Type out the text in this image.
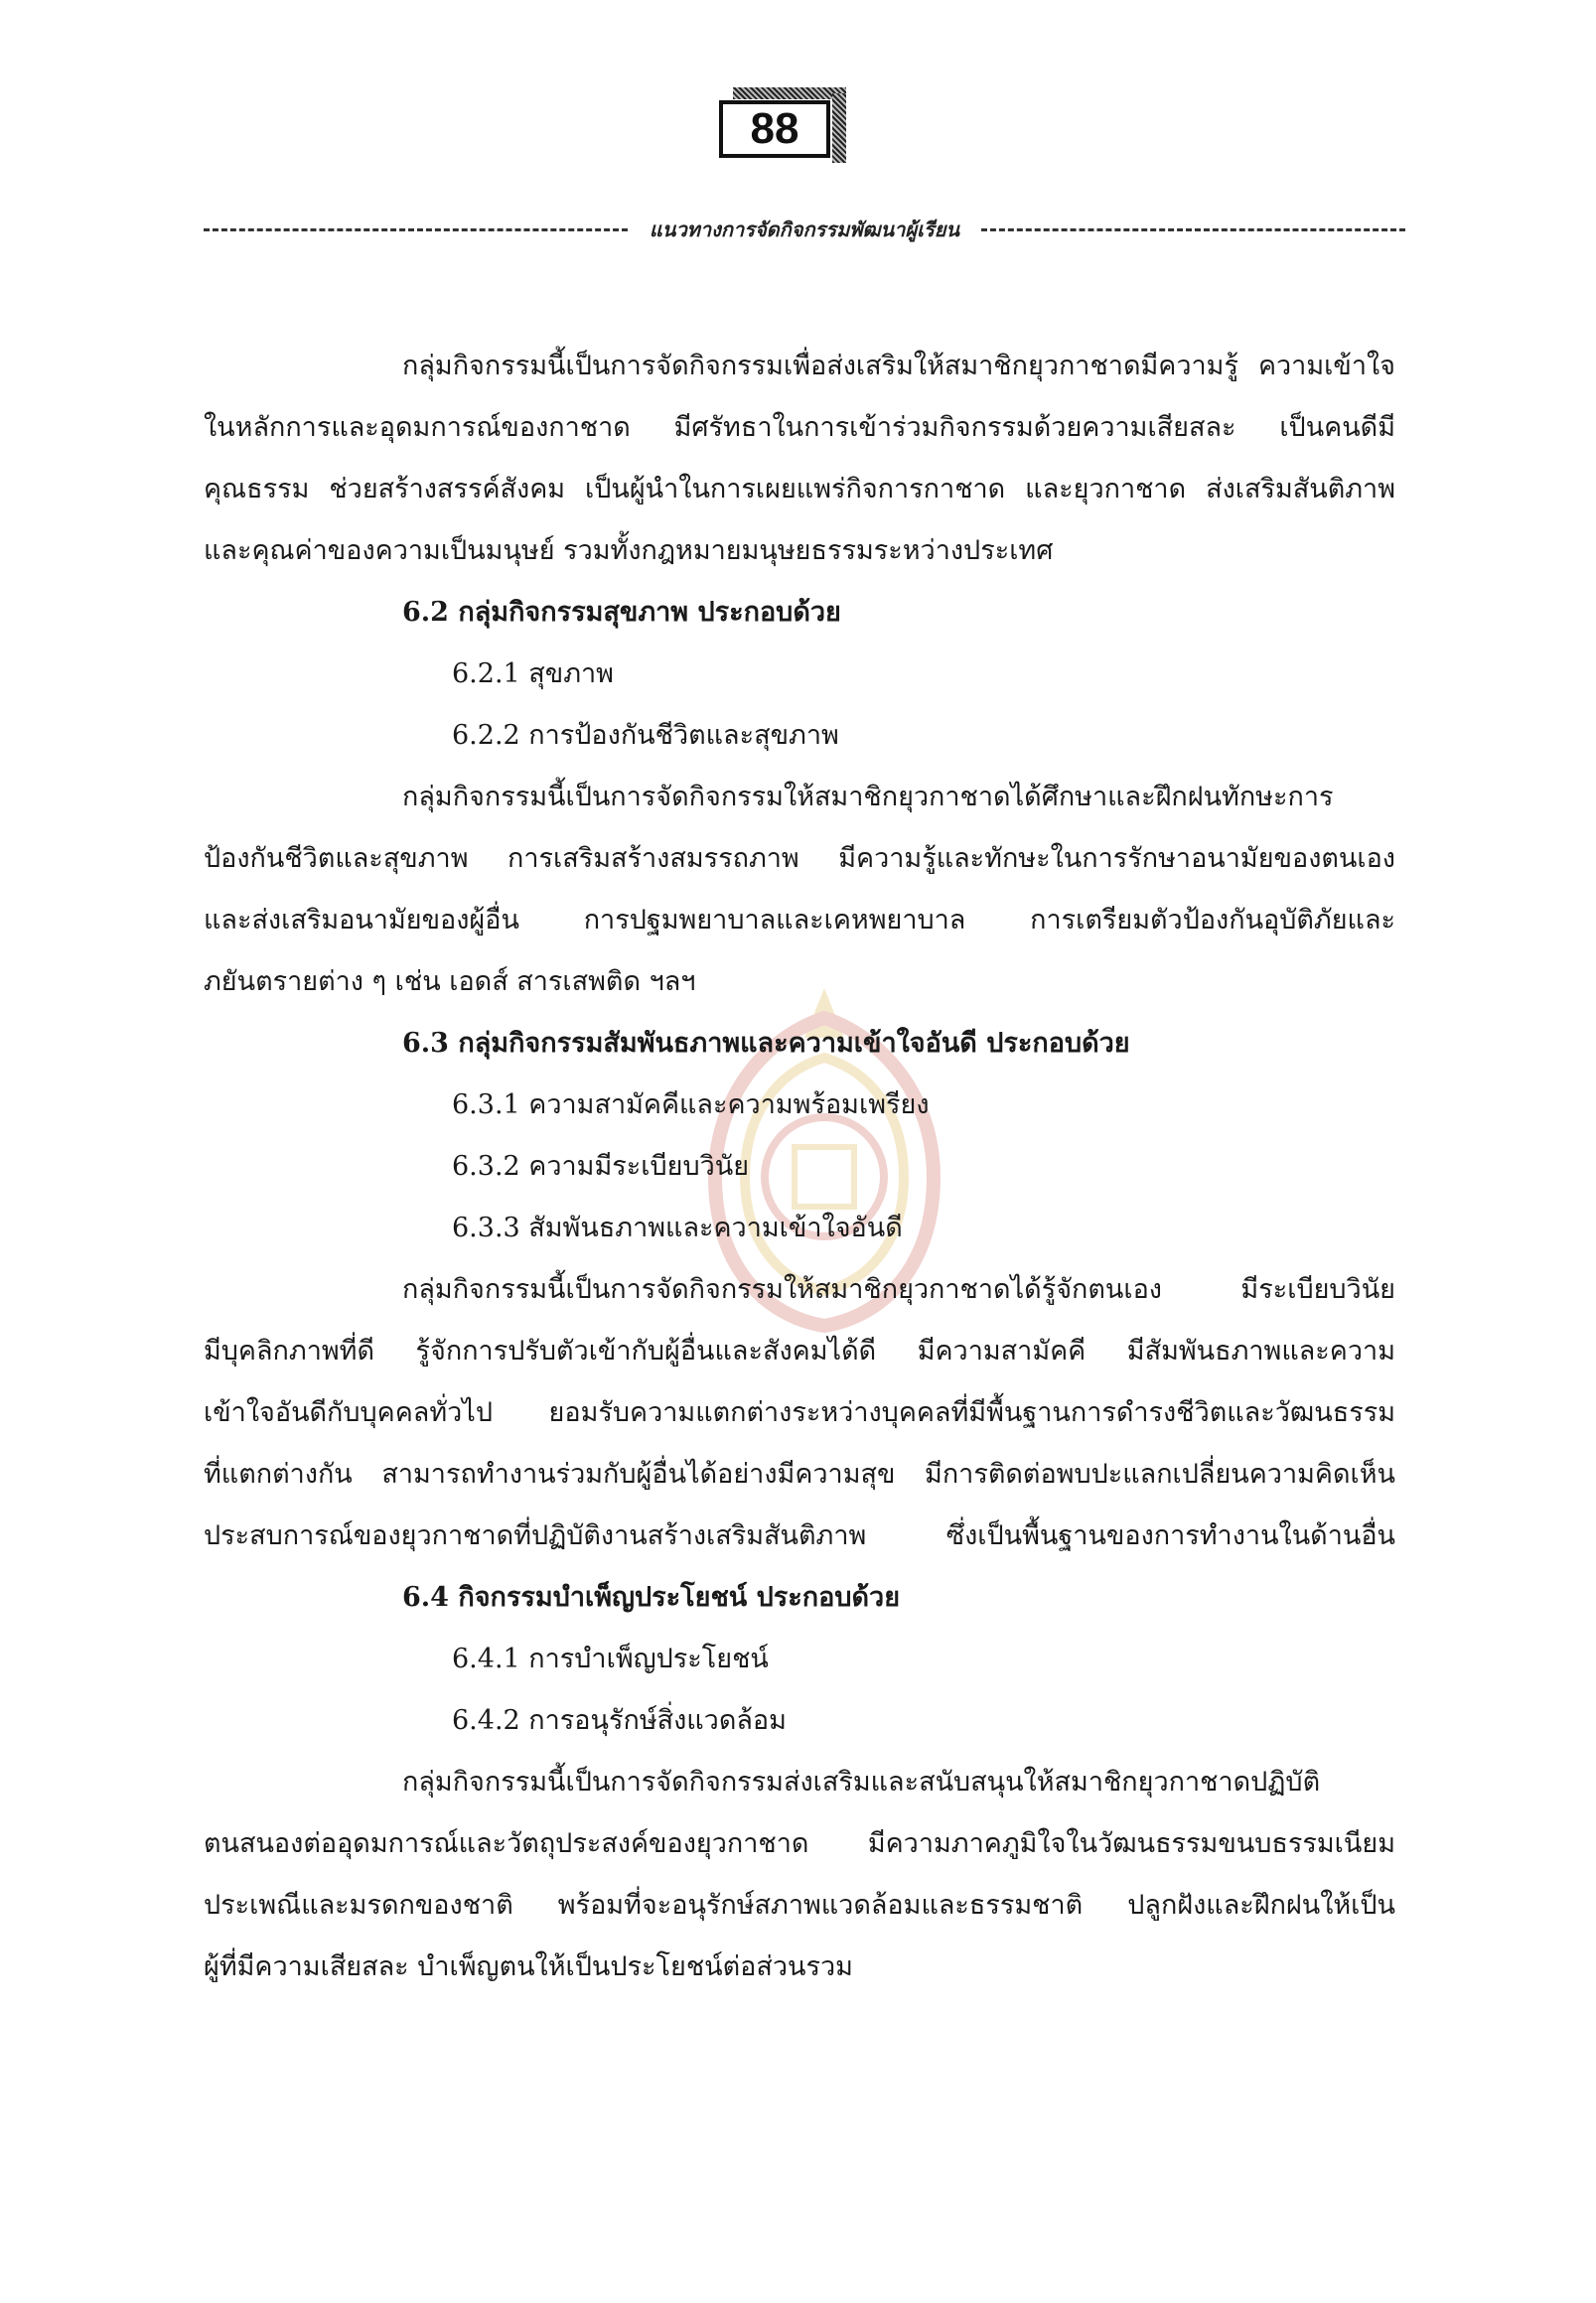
88
แนวทางการจัดกิจกรรมพัฒนาผู้เรียน
กลุ่มกิจกรรมนี้เป็นการจัดกิจกรรมเพื่อส่งเสริมให้สมาชิกยุวกาชาดมีความรู้ ความเข้าใจ
ในหลักการและอุดมการณ์ของกาชาด มีศรัทธาในการเข้าร่วมกิจกรรมด้วยความเสียสละ เป็นคนดีมี
คุณธรรม ช่วยสร้างสรรค์สังคม เป็นผู้นำในการเผยแพร่กิจการกาชาด และยุวกาชาด ส่งเสริมสันติภาพ
และคุณค่าของความเป็นมนุษย์ รวมทั้งกฎหมายมนุษยธรรมระหว่างประเทศ
6.2 กลุ่มกิจกรรมสุขภาพ ประกอบด้วย
6.2.1 สุขภาพ
6.2.2 การป้องกันชีวิตและสุขภาพ
กลุ่มกิจกรรมนี้เป็นการจัดกิจกรรมให้สมาชิกยุวกาชาดได้ศึกษาและฝึกฝนทักษะการ
ป้องกันชีวิตและสุขภาพ การเสริมสร้างสมรรถภาพ มีความรู้และทักษะในการรักษาอนามัยของตนเอง
และส่งเสริมอนามัยของผู้อื่น การปฐมพยาบาลและเคหพยาบาล การเตรียมตัวป้องกันอุบัติภัยและ
ภยันตรายต่าง ๆ เช่น เอดส์ สารเสพติด ฯลฯ
6.3 กลุ่มกิจกรรมสัมพันธภาพและความเข้าใจอันดี ประกอบด้วย
6.3.1 ความสามัคคีและความพร้อมเพรียง
6.3.2 ความมีระเบียบวินัย
6.3.3 สัมพันธภาพและความเข้าใจอันดี
กลุ่มกิจกรรมนี้เป็นการจัดกิจกรรมให้สมาชิกยุวกาชาดได้รู้จักตนเอง มีระเบียบวินัย
มีบุคลิกภาพที่ดี รู้จักการปรับตัวเข้ากับผู้อื่นและสังคมได้ดี มีความสามัคคี มีสัมพันธภาพและความ
เข้าใจอันดีกับบุคคลทั่วไป ยอมรับความแตกต่างระหว่างบุคคลที่มีพื้นฐานการดำรงชีวิตและวัฒนธรรม
ที่แตกต่างกัน สามารถทำงานร่วมกับผู้อื่นได้อย่างมีความสุข มีการติดต่อพบปะแลกเปลี่ยนความคิดเห็น
ประสบการณ์ของยุวกาชาดที่ปฏิบัติงานสร้างเสริมสันติภาพ ซึ่งเป็นพื้นฐานของการทำงานในด้านอื่น
6.4 กิจกรรมบำเพ็ญประโยชน์ ประกอบด้วย
6.4.1 การบำเพ็ญประโยชน์
6.4.2 การอนุรักษ์สิ่งแวดล้อม
กลุ่มกิจกรรมนี้เป็นการจัดกิจกรรมส่งเสริมและสนับสนุนให้สมาชิกยุวกาชาดปฏิบัติ
ตนสนองต่ออุดมการณ์และวัตถุประสงค์ของยุวกาชาด มีความภาคภูมิใจในวัฒนธรรมขนบธรรมเนียม
ประเพณีและมรดกของชาติ พร้อมที่จะอนุรักษ์สภาพแวดล้อมและธรรมชาติ ปลูกฝังและฝึกฝนให้เป็น
ผู้ที่มีความเสียสละ บำเพ็ญตนให้เป็นประโยชน์ต่อส่วนรวม
